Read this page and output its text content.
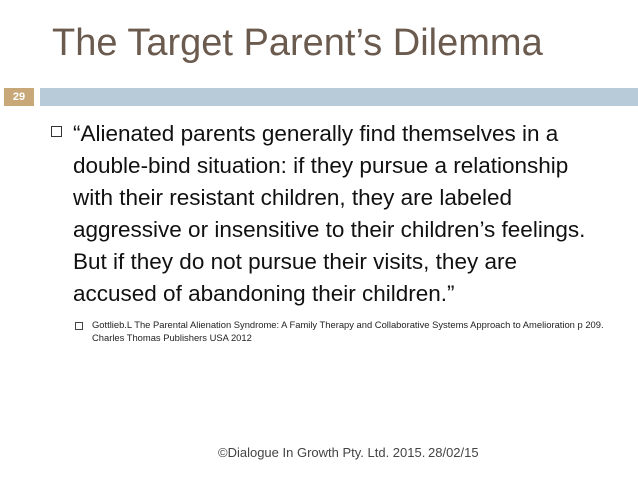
The Target Parent’s Dilemma
29
“Alienated parents generally find themselves in a double-bind situation: if they pursue a relationship with their resistant children, they are labeled aggressive or insensitive to their children’s feelings. But if they do not pursue their visits, they are accused of abandoning their children.”
Gottlieb.L The Parental Alienation Syndrome: A Family Therapy and Collaborative Systems Approach to Amelioration p 209. Charles Thomas Publishers USA 2012
©Dialogue In Growth Pty. Ltd. 2015. 28/02/15
